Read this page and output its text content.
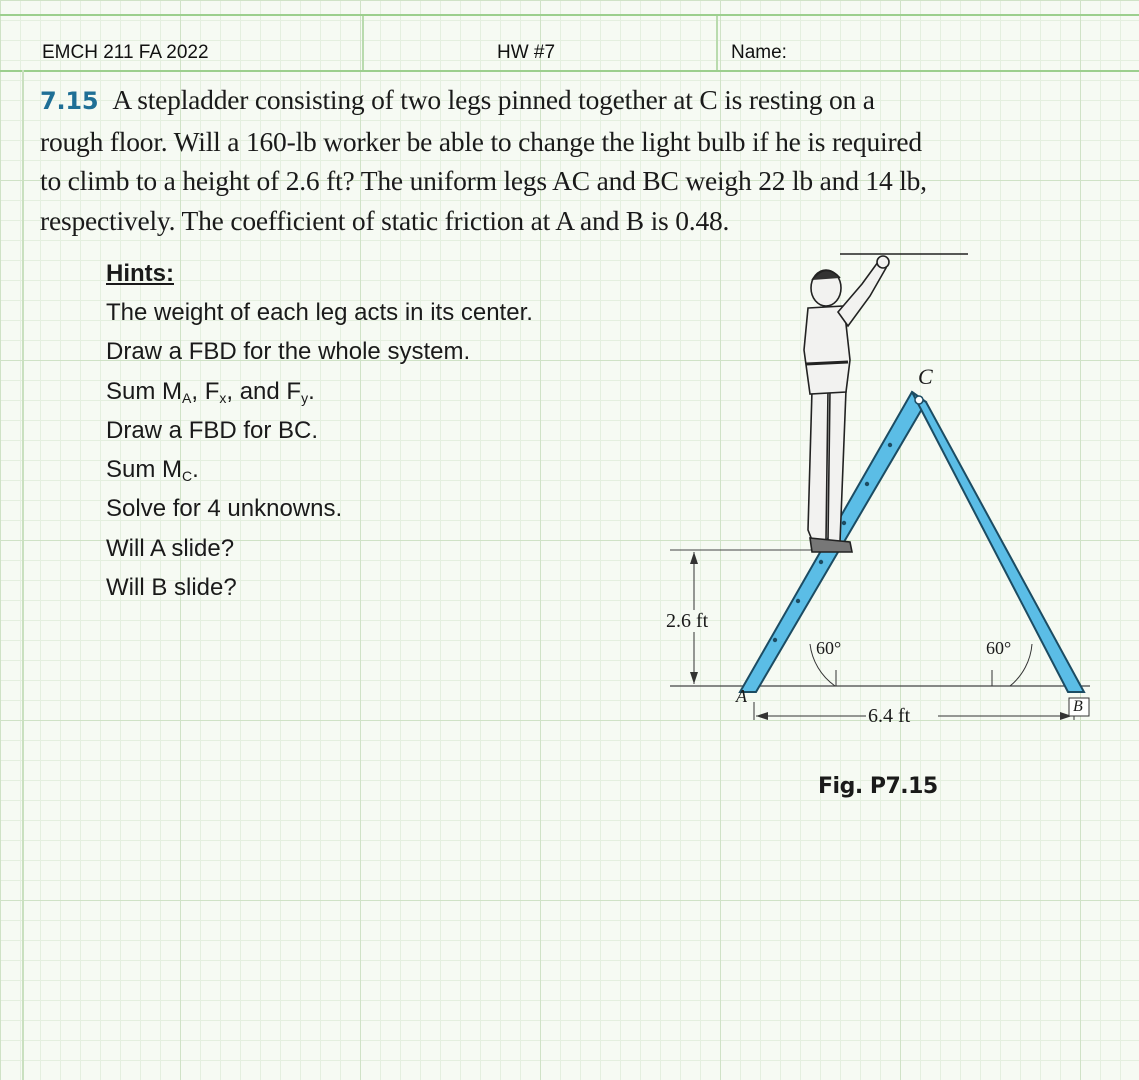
EMCH 211 FA 2022	HW #7	Name:
7.15 A stepladder consisting of two legs pinned together at C is resting on a
rough floor. Will a 160-lb worker be able to change the light bulb if he is required
to climb to a height of 2.6 ft? The uniform legs AC and BC weigh 22 lb and 14 lb,
respectively. The coefficient of static friction at A and B is 0.48.
Hints:
The weight of each leg acts in its center.
Draw a FBD for the whole system.
Sum $M_A$, $F_x$, and $F_y$.
Draw a FBD for BC.
Sum $M_C$.
Solve for 4 unknowns.
Will A slide?
Will B slide?
C
2.6 ft
60°	60°
A
B
6.4 ft
Fig. P7.15
